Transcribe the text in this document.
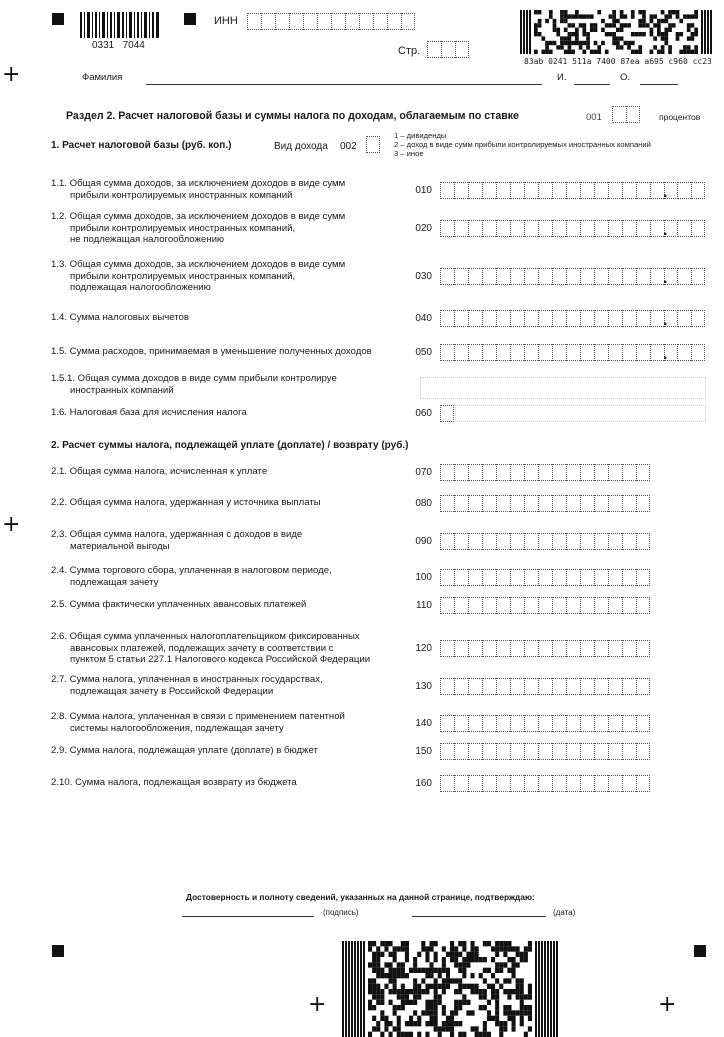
+
+
+	+
0331   7044
ИНН
Стр.
83ab 0241 511a 7400 87ea a695 c960 cc23
Фамилия	И.	О.
Раздел 2. Расчет налоговой базы и суммы налога по доходам, облагаемым по ставке	001	процентов
1. Расчет налоговой базы (руб. коп.)	Вид дохода 002
1 – дивиденды
2 – доход в виде сумм прибыли контролируемых иностранных компаний
3 – иное
1.1. Общая сумма доходов, за исключением доходов в виде сумм
прибыли контролируемых иностранных компаний	010	.
1.2. Общая сумма доходов, за исключением доходов в виде сумм
прибыли контролируемых иностранных компаний,
не подлежащая налогообложению
020	.
1.3. Общая сумма доходов, за исключением доходов в виде сумм
прибыли контролируемых иностранных компаний,
подлежащая налогообложению
030	.
1.4. Сумма налоговых вычетов	040	.
1.5. Сумма расходов, принимаемая в уменьшение полученных доходов	050	.
1.5.1. Общая сумма доходов в виде сумм прибыли контролируе
иностранных компаний
1.6. Налоговая база для исчисления налога	060
2. Расчет суммы налога, подлежащей уплате (доплате) / возврату (руб.)
2.1. Общая сумма налога, исчисленная к уплате	070
2.2. Общая сумма налога, удержанная у источника выплаты	080
2.3. Общая сумма налога, удержанная с доходов в виде
материальной выгоды	090
2.4. Сумма торгового сбора, уплаченная в налоговом периоде,
подлежащая зачету	100
2.5. Сумма фактически уплаченных авансовых платежей	110
2.6. Общая сумма уплаченных налогоплательщиком фиксированных
авансовых платежей, подлежащих зачету в соответствии с
пунктом 5 статьи 227.1 Налогового кодекса Российской Федерации
120
2.7. Сумма налога, уплаченная в иностранных государствах,
подлежащая зачету в Российской Федерации	130
2.8. Сумма налога, уплаченная в связи с применением патентной
системы налогообложения, подлежащая зачету	140
2.9. Сумма налога, подлежащая уплате (доплате) в бюджет	150
2.10. Сумма налога, подлежащая возврату из бюджета	160
Достоверность и полноту сведений, указанных на данной странице, подтверждаю:
(подпись)	(дата)
